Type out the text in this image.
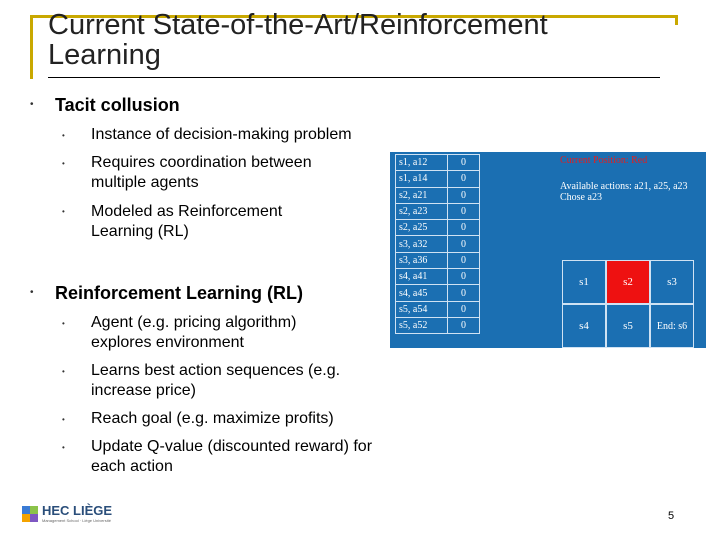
Current State-of-the-Art/Reinforcement Learning
• Tacit collusion
• Instance of decision-making problem
• Requires coordination between multiple agents
• Modeled as Reinforcement Learning (RL)
• Reinforcement Learning (RL)
• Agent (e.g. pricing algorithm) explores environment
• Learns best action sequences (e.g. increase price)
• Reach goal (e.g. maximize profits)
• Update Q-value (discounted reward) for each action
s1, a12	0
s1, a14	0
s2, a21	0
s2, a23	0
s2, a25	0
s3, a32	0
s3, a36	0
s4, a41	0
s4, a45	0
s5, a54	0
s5, a52	0
Current Position: Red
Available actions: a21, a25, a23
Chose a23
s1	s2	s3
s4	s5	End: s6
HEC LIÈGE
Management School · Liège Université	5
